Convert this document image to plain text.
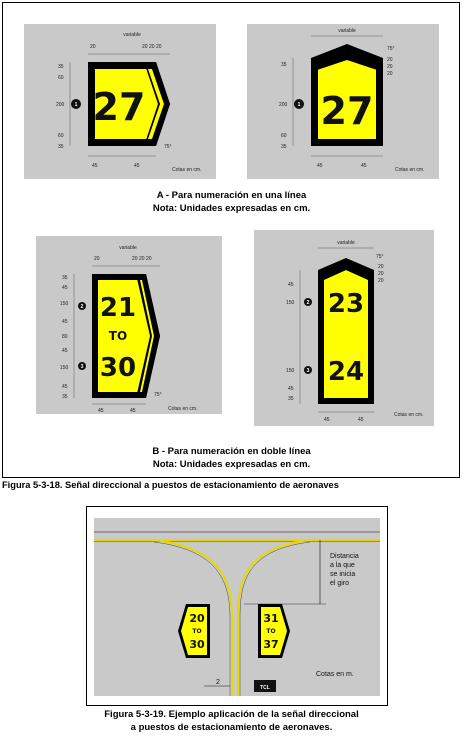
27
1
variable
20	20 20 20
35
60
200
60
35
45	45
75°
Cotas en cm.
27
1
variable
75°
20
20
20
35
200
60
35
45	45
Cotas en cm.
A - Para numeración en una línea
Nota: Unidades expresadas en cm.
21
TO
30
2
3
variable
20	20 20 20
35
45
150
45
80
45
150
45
35
45	45
75°
Cotas en cm.
23
24
2
3
variable
75°
20
20
20
45
150
150
45
35
45	45
Cotas en cm.
B - Para numeración en doble línea
Nota: Unidades expresadas en cm.
Figura 5-3-18. Señal direccional a puestos de estacionamiento de aeronaves
Distancia
a la que
se inicia
el giro
20
TO
30
31
TO
37
2
TCL
Cotas en m.
Figura 5-3-19. Ejemplo aplicación de la señal direccional
a puestos de estacionamiento de aeronaves.
